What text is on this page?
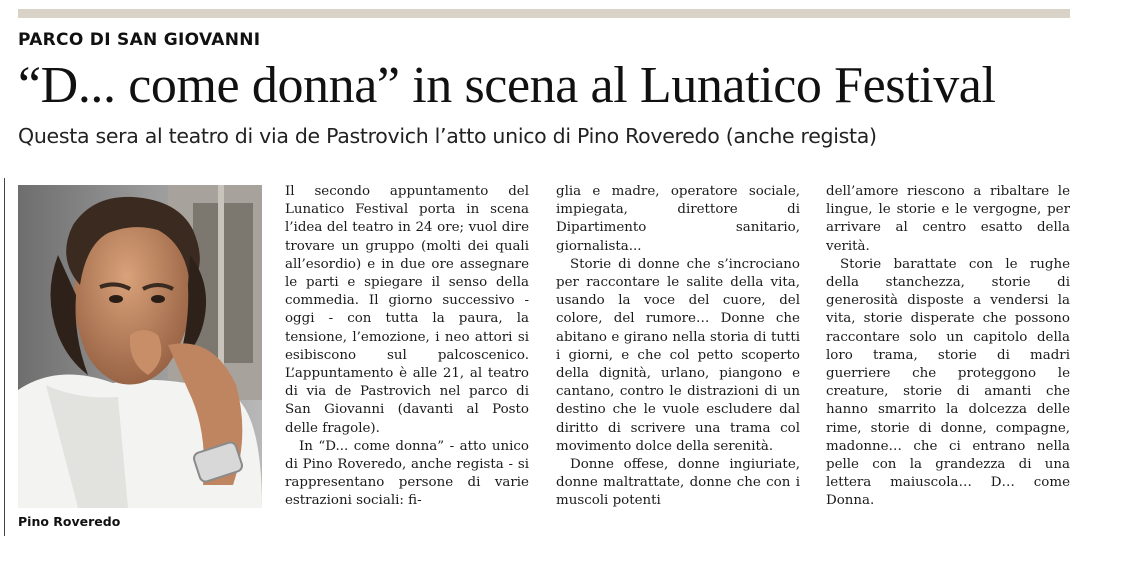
PARCO DI SAN GIOVANNI
“D... come donna” in scena al Lunatico Festival
Questa sera al teatro di via de Pastrovich l’atto unico di Pino Roveredo (anche regista)
Pino Roveredo

Il secondo appuntamento del Lunatico Festival porta in scena l’idea del teatro in 24 ore; vuol dire trovare un gruppo (molti dei quali all’esordio) e in due ore assegnare le parti e spiegare il senso della commedia. Il giorno successivo - oggi - con tutta la paura, la tensione, l’emozione, i neo attori si esibiscono sul palcoscenico. L’appuntamento è alle 21, al teatro di via de Pastrovich nel parco di San Giovanni (davanti al Posto delle fragole).

In “D... come donna” - atto unico di Pino Roveredo, anche regista - si rappresentano persone di varie estrazioni sociali: fi-

glia e madre, operatore sociale, impiegata, direttore di Dipartimento sanitario, giornalista...

Storie di donne che s’incrociano per raccontare le salite della vita, usando la voce del cuore, del colore, del rumore… Donne che abitano e girano nella storia di tutti i giorni, e che col petto scoperto della dignità, urlano, piangono e cantano, contro le distrazioni di un destino che le vuole escludere dal diritto di scrivere una trama col movimento dolce della serenità.

Donne offese, donne ingiuriate, donne maltrattate, donne che con i muscoli potenti

dell’amore riescono a ribaltare le lingue, le storie e le vergogne, per arrivare al centro esatto della verità.

Storie barattate con le rughe della stanchezza, storie di generosità disposte a vendersi la vita, storie disperate che possono raccontare solo un capitolo della loro trama, storie di madri guerriere che proteggono le creature, storie di amanti che hanno smarrito la dolcezza delle rime, storie di donne, compagne, madonne… che ci entrano nella pelle con la grandezza di una lettera maiuscola… D… come Donna.
